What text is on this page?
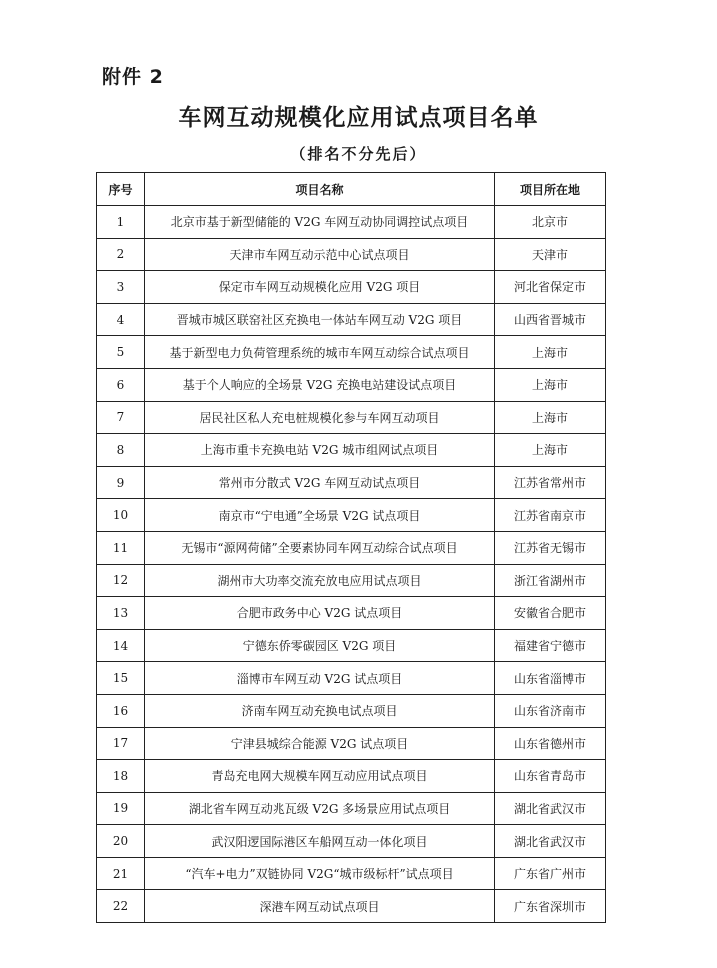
附件 2
车网互动规模化应用试点项目名单
（排名不分先后）
序号	项目名称	项目所在地
1	北京市基于新型储能的 V2G 车网互动协同调控试点项目	北京市
2	天津市车网互动示范中心试点项目	天津市
3	保定市车网互动规模化应用 V2G 项目	河北省保定市
4	晋城市城区联窑社区充换电一体站车网互动 V2G 项目	山西省晋城市
5	基于新型电力负荷管理系统的城市车网互动综合试点项目	上海市
6	基于个人响应的全场景 V2G 充换电站建设试点项目	上海市
7	居民社区私人充电桩规模化参与车网互动项目	上海市
8	上海市重卡充换电站 V2G 城市组网试点项目	上海市
9	常州市分散式 V2G 车网互动试点项目	江苏省常州市
10	南京市“宁电通”全场景 V2G 试点项目	江苏省南京市
11	无锡市“源网荷储”全要素协同车网互动综合试点项目	江苏省无锡市
12	湖州市大功率交流充放电应用试点项目	浙江省湖州市
13	合肥市政务中心 V2G 试点项目	安徽省合肥市
14	宁德东侨零碳园区 V2G 项目	福建省宁德市
15	淄博市车网互动 V2G 试点项目	山东省淄博市
16	济南车网互动充换电试点项目	山东省济南市
17	宁津县城综合能源 V2G 试点项目	山东省德州市
18	青岛充电网大规模车网互动应用试点项目	山东省青岛市
19	湖北省车网互动兆瓦级 V2G 多场景应用试点项目	湖北省武汉市
20	武汉阳逻国际港区车船网互动一体化项目	湖北省武汉市
21	“汽车+电力”双链协同 V2G“城市级标杆”试点项目	广东省广州市
22	深港车网互动试点项目	广东省深圳市
